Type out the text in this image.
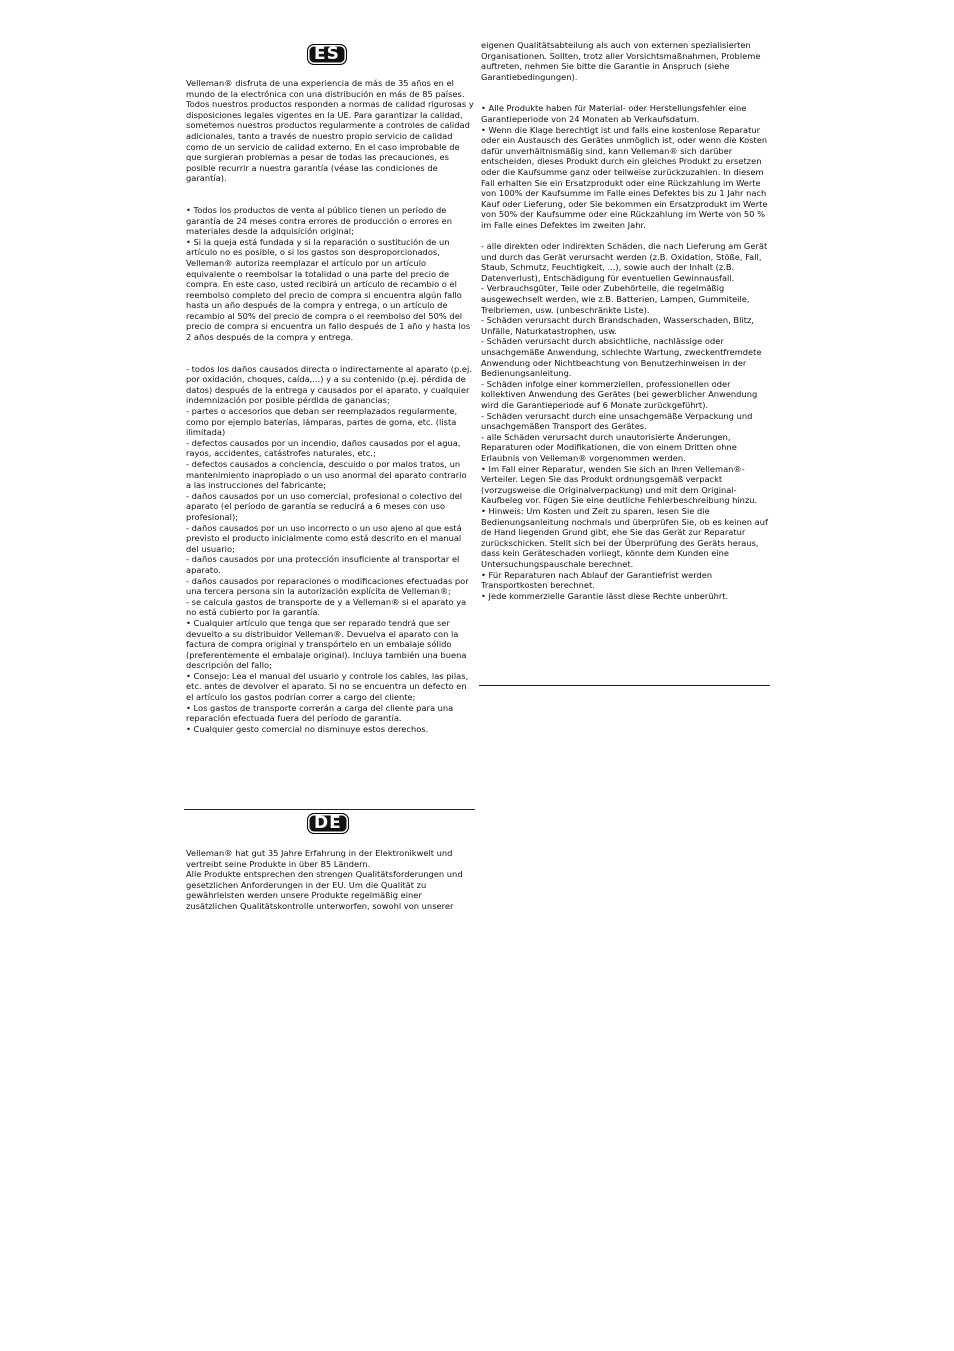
ES

Velleman® disfruta de una experiencia de más de 35 años en el mundo de la electrónica con una distribución en más de 85 países. Todos nuestros productos responden a normas de calidad rigurosas y disposiciones legales vigentes en la UE. Para garantizar la calidad, sometemos nuestros productos regularmente a controles de calidad adicionales, tanto a través de nuestro propio servicio de calidad como de un servicio de calidad externo. En el caso improbable de que surgieran problemas a pesar de todas las precauciones, es posible recurrir a nuestra garantía (véase las condiciones de garantía).

• Todos los productos de venta al público tienen un período de garantía de 24 meses contra errores de producción o errores en materiales desde la adquisición original;

• Si la queja está fundada y si la reparación o sustitución de un artículo no es posible, o si los gastos son desproporcionados, Velleman® autoriza reemplazar el artículo por un artículo equivalente o reembolsar la totalidad o una parte del precio de compra. En este caso, usted recibirá un artículo de recambio o el reembolso completo del precio de compra si encuentra algún fallo hasta un año después de la compra y entrega, o un artículo de recambio al 50% del precio de compra o el reembolso del 50% del precio de compra si encuentra un fallo después de 1 año y hasta los 2 años después de la compra y entrega.

- todos los daños causados directa o indirectamente al aparato (p.ej. por oxidación, choques, caída,...) y a su contenido (p.ej. pérdida de datos) después de la entrega y causados por el aparato, y cualquier indemnización por posible pérdida de ganancias;

- partes o accesorios que deban ser reemplazados regularmente, como por ejemplo baterías, lámparas, partes de goma, etc. (lista ilimitada)

- defectos causados por un incendio, daños causados por el agua, rayos, accidentes, catástrofes naturales, etc.;

- defectos causados a conciencia, descuido o por malos tratos, un mantenimiento inapropiado o un uso anormal del aparato contrario a las instrucciones del fabricante;

- daños causados por un uso comercial, profesional o colectivo del aparato (el período de garantía se reducirá a 6 meses con uso profesional);

- daños causados por un uso incorrecto o un uso ajeno al que está previsto el producto inicialmente como está descrito en el manual del usuario;

- daños causados por una protección insuficiente al transportar el aparato.

- daños causados por reparaciones o modificaciones efectuadas por una tercera persona sin la autorización explícita de Velleman®;

- se calcula gastos de transporte de y a Velleman® si el aparato ya no está cubierto por la garantía.

• Cualquier artículo que tenga que ser reparado tendrá que ser devuelto a su distribuidor Velleman®. Devuelva el aparato con la factura de compra original y transpórtelo en un embalaje sólido (preferentemente el embalaje original). Incluya también una buena descripción del fallo;

• Consejo: Lea el manual del usuario y controle los cables, las pilas, etc. antes de devolver el aparato. Si no se encuentra un defecto en el artículo los gastos podrían correr a cargo del cliente;

• Los gastos de transporte correrán a carga del cliente para una reparación efectuada fuera del período de garantía.

• Cualquier gesto comercial no disminuye estos derechos.

DE

Velleman® hat gut 35 Jahre Erfahrung in der Elektronikwelt und vertreibt seine Produkte in über 85 Ländern.

Alle Produkte entsprechen den strengen Qualitätsforderungen und gesetzlichen Anforderungen in der EU. Um die Qualität zu gewährleisten werden unsere Produkte regelmäßig einer zusätzlichen Qualitätskontrolle unterworfen, sowohl von unserer

eigenen Qualitätsabteilung als auch von externen spezialisierten Organisationen. Sollten, trotz aller Vorsichtsmaßnahmen, Probleme auftreten, nehmen Sie bitte die Garantie in Anspruch (siehe Garantiebedingungen).

• Alle Produkte haben für Material- oder Herstellungsfehler eine Garantieperiode von 24 Monaten ab Verkaufsdatum.

• Wenn die Klage berechtigt ist und falls eine kostenlose Reparatur oder ein Austausch des Gerätes unmöglich ist, oder wenn die Kosten dafür unverhältnismäßig sind, kann Velleman® sich darüber entscheiden, dieses Produkt durch ein gleiches Produkt zu ersetzen oder die Kaufsumme ganz oder teilweise zurückzuzahlen. In diesem Fall erhalten Sie ein Ersatzprodukt oder eine Rückzahlung im Werte von 100% der Kaufsumme im Falle eines Defektes bis zu 1 Jahr nach Kauf oder Lieferung, oder Sie bekommen ein Ersatzprodukt im Werte von 50% der Kaufsumme oder eine Rückzahlung im Werte von 50 % im Falle eines Defektes im zweiten Jahr.

- alle direkten oder indirekten Schäden, die nach Lieferung am Gerät und durch das Gerät verursacht werden (z.B. Oxidation, Stöße, Fall, Staub, Schmutz, Feuchtigkeit, ...), sowie auch der Inhalt (z.B. Datenverlust), Entschädigung für eventuellen Gewinnausfall.

- Verbrauchsgüter, Teile oder Zubehörteile, die regelmäßig ausgewechselt werden, wie z.B. Batterien, Lampen, Gummiteile, Treibriemen, usw. (unbeschränkte Liste).

- Schäden verursacht durch Brandschaden, Wasserschaden, Blitz, Unfälle, Naturkatastrophen, usw.

- Schäden verursacht durch absichtliche, nachlässige oder unsachgemäße Anwendung, schlechte Wartung, zweckentfremdete Anwendung oder Nichtbeachtung von Benutzerhinweisen in der Bedienungsanleitung.

- Schäden infolge einer kommerziellen, professionellen oder kollektiven Anwendung des Gerätes (bei gewerblicher Anwendung wird die Garantieperiode auf 6 Monate zurückgeführt).

- Schäden verursacht durch eine unsachgemäße Verpackung und unsachgemäßen Transport des Gerätes.

- alle Schäden verursacht durch unautorisierte Änderungen, Reparaturen oder Modifikationen, die von einem Dritten ohne Erlaubnis von Velleman® vorgenommen werden.

• Im Fall einer Reparatur, wenden Sie sich an Ihren Velleman®-Verteiler. Legen Sie das Produkt ordnungsgemäß verpackt (vorzugsweise die Originalverpackung) und mit dem Original-Kaufbeleg vor. Fügen Sie eine deutliche Fehlerbeschreibung hinzu.

• Hinweis: Um Kosten und Zeit zu sparen, lesen Sie die Bedienungsanleitung nochmals und überprüfen Sie, ob es keinen auf de Hand liegenden Grund gibt, ehe Sie das Gerät zur Reparatur zurückschicken. Stellt sich bei der Überprüfung des Geräts heraus, dass kein Geräteschaden vorliegt, könnte dem Kunden eine Untersuchungspauschale berechnet.

• Für Reparaturen nach Ablauf der Garantiefrist werden Transportkosten berechnet.

• Jede kommerzielle Garantie lässt diese Rechte unberührt.
